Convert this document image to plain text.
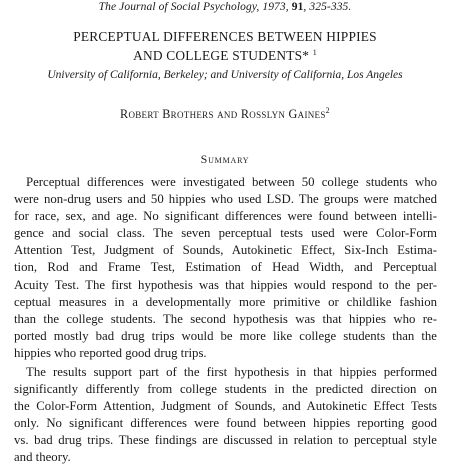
The Journal of Social Psychology, 1973, 91, 325-335.
PERCEPTUAL DIFFERENCES BETWEEN HIPPIES
AND COLLEGE STUDENTS* $^1$
University of California, Berkeley; and University of California, Los Angeles
Robert Brothers and Rosslyn Gaines$^2$
Summary
Perceptual differences were investigated between 50 college students who
were non-drug users and 50 hippies who used LSD. The groups were matched
for race, sex, and age. No significant differences were found between intelli-
gence and social class. The seven perceptual tests used were Color-Form
Attention Test, Judgment of Sounds, Autokinetic Effect, Six-Inch Estima-
tion, Rod and Frame Test, Estimation of Head Width, and Perceptual
Acuity Test. The first hypothesis was that hippies would respond to the per-
ceptual measures in a developmentally more primitive or childlike fashion
than the college students. The second hypothesis was that hippies who re-
ported mostly bad drug trips would be more like college students than the
hippies who reported good drug trips.
The results support part of the first hypothesis in that hippies performed
significantly differently from college students in the predicted direction on
the Color-Form Attention, Judgment of Sounds, and Autokinetic Effect Tests
only. No significant differences were found between hippies reporting good
vs. bad drug trips. These findings are discussed in relation to perceptual style
and theory.
